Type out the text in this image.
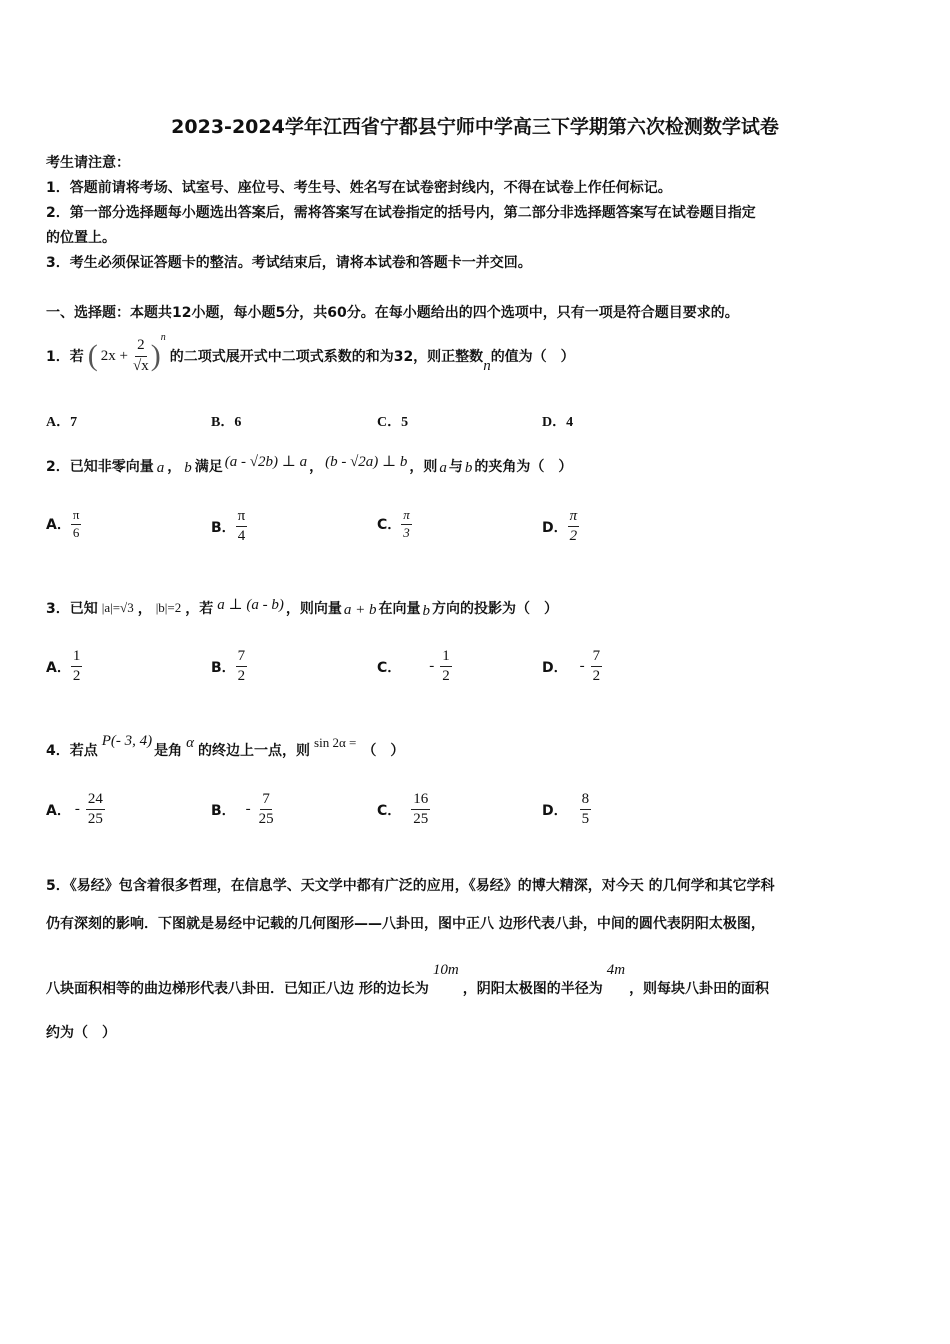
2023-2024学年江西省宁都县宁师中学高三下学期第六次检测数学试卷
考生请注意：
1．答题前请将考场、试室号、座位号、考生号、姓名写在试卷密封线内，不得在试卷上作任何标记。
2．第一部分选择题每小题选出答案后，需将答案写在试卷指定的括号内，第二部分非选择题答案写在试卷题目指定
的位置上。
3．考生必须保证答题卡的整洁。考试结束后，请将本试卷和答题卡一并交回。
一、选择题：本题共12小题，每小题5分，共60分。在每小题给出的四个选项中，只有一项是符合题目要求的。
1．若 ( $2x + \frac{2}{√x}$ )
n
的二项式展开式中二项式系数的和为32，则正整数
n
的值为（　）
A．7	B．6	C．5	D．4
2．已知非零向量 a ， b 满足 (a - √2b) ⊥ a ， (b - √2a) ⊥ b ，则 a 与 b 的夹角为（　）
A． $\frac{\pi}{6}$	B． $\frac{\pi}{4}$	C． $\frac{\pi}{3}$	D． $\frac{\pi}{2}$
3．已知 |a|=√3 ， |b|=2 ，若 a ⊥ (a - b) ，则向量 a + b 在向量 b 方向的投影为（　）
A． $\frac{1}{2}$	B． $\frac{7}{2}$	C． - $\frac{1}{2}$	D． - $\frac{7}{2}$
4．若点
P(- 3, 4)
是角
α
的终边上一点，则
sin 2α =
（　）
A． - $\frac{24}{25}$	B． - $\frac{7}{25}$	C． $\frac{16}{25}$	D． $\frac{8}{5}$
5．《易经》包含着很多哲理，在信息学、天文学中都有广泛的应用，《易经》的博大精深，对今天 的几何学和其它学科
仍有深刻的影响．下图就是易经中记载的几何图形——八卦田，图中正八 边形代表八卦，中间的圆代表阴阳太极图，
八块面积相等的曲边梯形代表八卦田．已知正八边 形的边长为
10m
，阴阳太极图的半径为
4m
，则每块八卦田的面积
约为（　）
